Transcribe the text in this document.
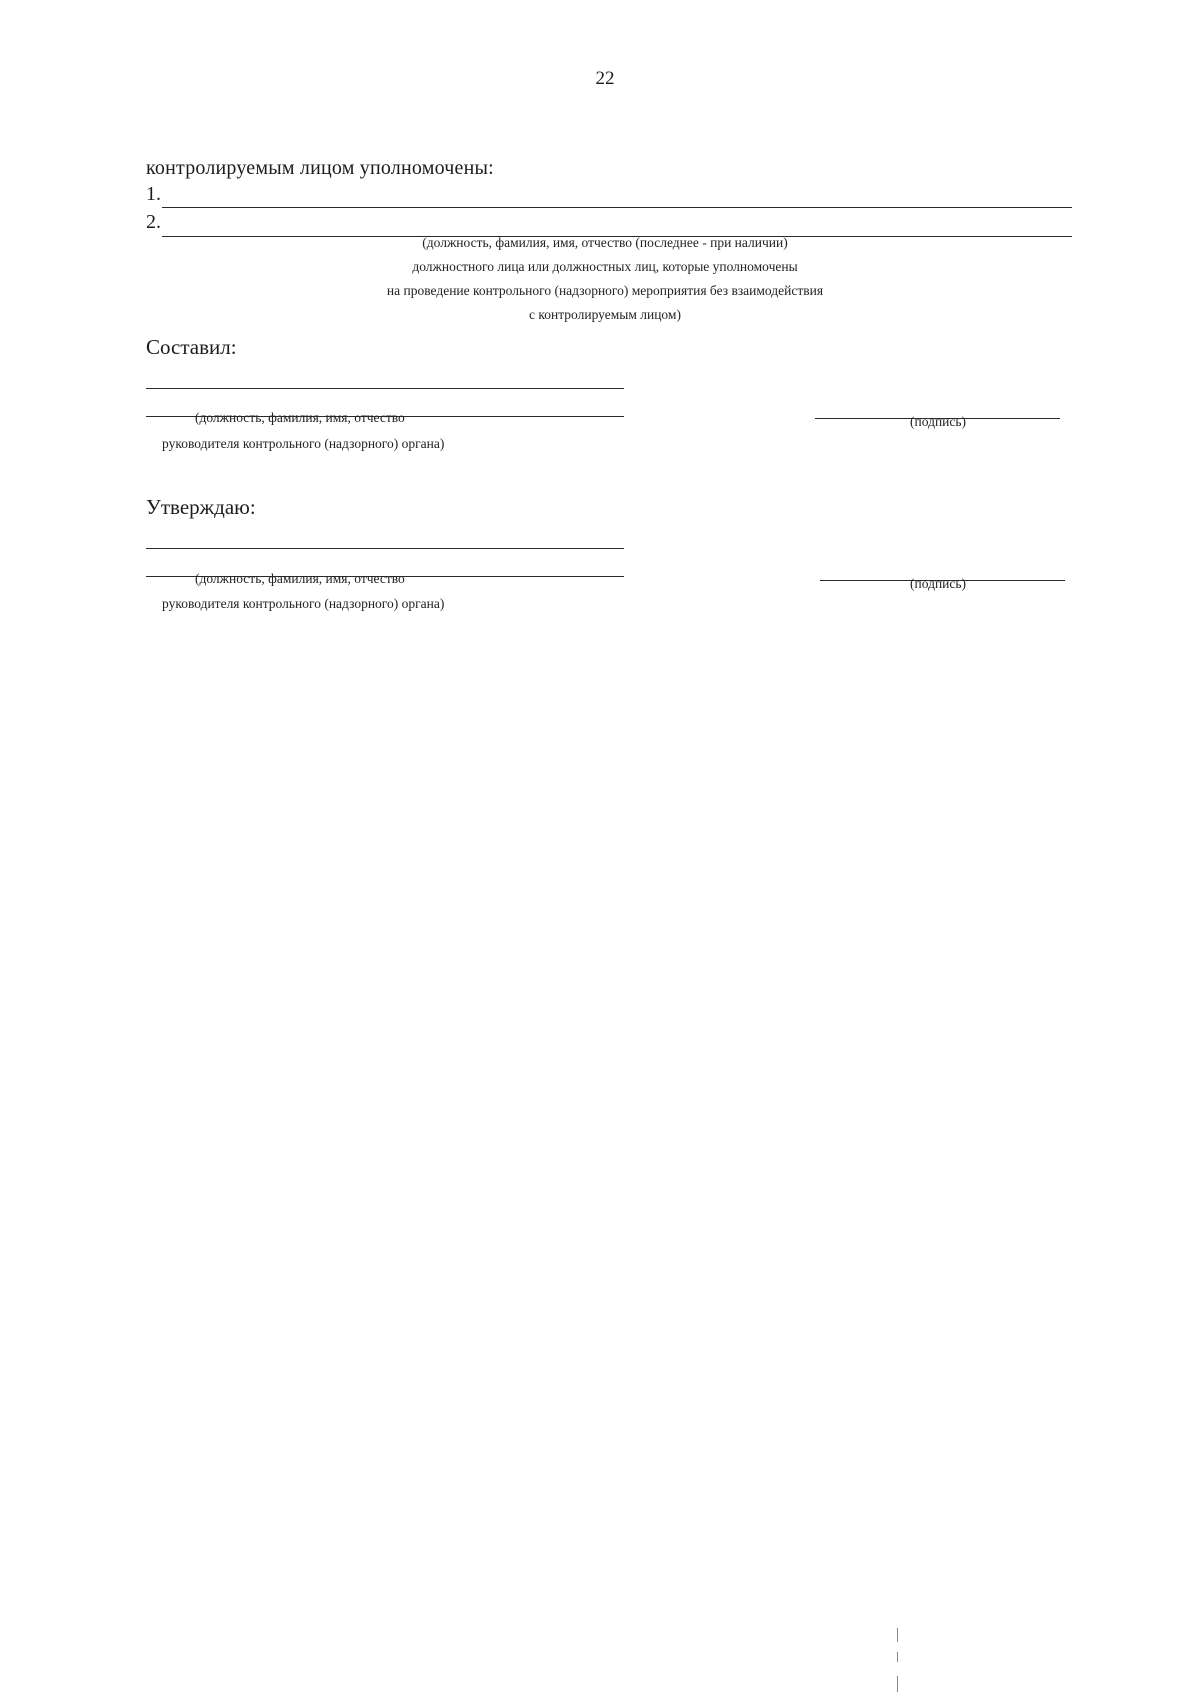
22
контролируемым лицом уполномочены:
1.
2.
(должность, фамилия, имя, отчество (последнее - при наличии)
должностного лица или должностных лиц, которые уполномочены
на проведение контрольного (надзорного) мероприятия без взаимодействия
с контролируемым лицом)
Составил:
(должность, фамилия, имя, отчество
руководителя контрольного (надзорного) органа)
(подпись)
Утверждаю:
(должность, фамилия, имя, отчество
руководителя контрольного (надзорного) органа)
(подпись)
